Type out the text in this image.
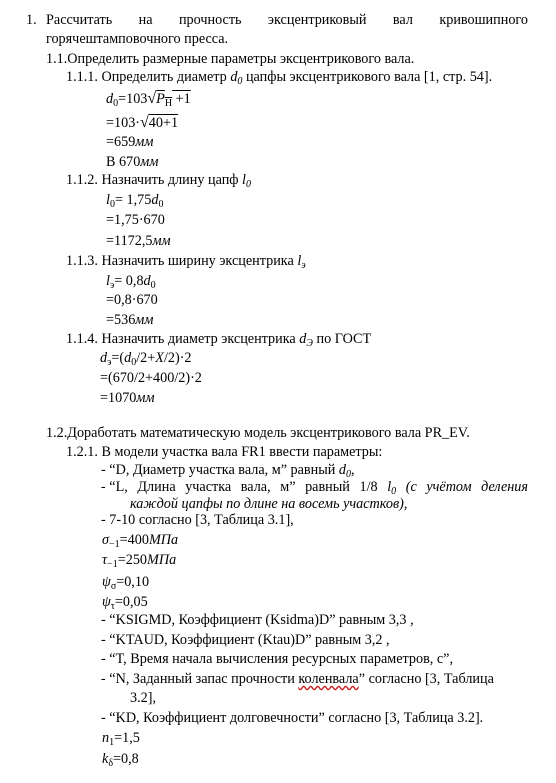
1. Рассчитать на прочность эксцентриковый вал кривошипного
горячештамповочного пресса.
1.1.Определить размерные параметры эксцентрикового вала.
1.1.1. Определить диаметр $d_0$ цапфы эксцентрикового вала [1, стр. 54].
$d_0=103√P_H +1$
=103·√40+1
=659мм
В 670мм
1.1.2. Назначить длину цапф $l_0$
$l_0= 1,75d_0$
=1,75·670
=1172,5мм
1.1.3. Назначить ширину эксцентрика $l_э$
$l_э= 0,8d_0$
=0,8·670
=536мм
1.1.4. Назначить диаметр эксцентрика $d_Э$ по ГОСТ
$d_э=(d_0/2+X/2)\cdot 2$
=(670/2+400/2)·2
=1070мм
1.2.Доработать математическую модель эксцентрикового вала PR_EV.
1.2.1. В модели участка вала FR1 ввести параметры:
- “D, Диаметр участка вала, м” равный $d_0$,
- “L, Длина участка вала, м” равный 1/8 $l_0$ (с учётом деления
каждой цапфы по длине на восемь участков),
- 7-10 согласно [3, Таблица 3.1],
$\sigma_{-1}=400МПа$
$\tau_{-1}=250МПа$
$\psi_\sigma=0,10$
$\psi_\tau=0,05$
- “KSIGMD, Коэффициент (Ksidma)D” равным 3,3 ,
- “KTAUD, Коэффициент (Ktau)D” равным 3,2 ,
- “T, Время начала вычисления ресурсных параметров, с”,
- “N, Заданный запас прочности коленвала” согласно [3, Таблица
3.2],
- “KD, Коэффициент долговечности” согласно [3, Таблица 3.2].
$n_1=1,5$
$k_\delta=0,8$
